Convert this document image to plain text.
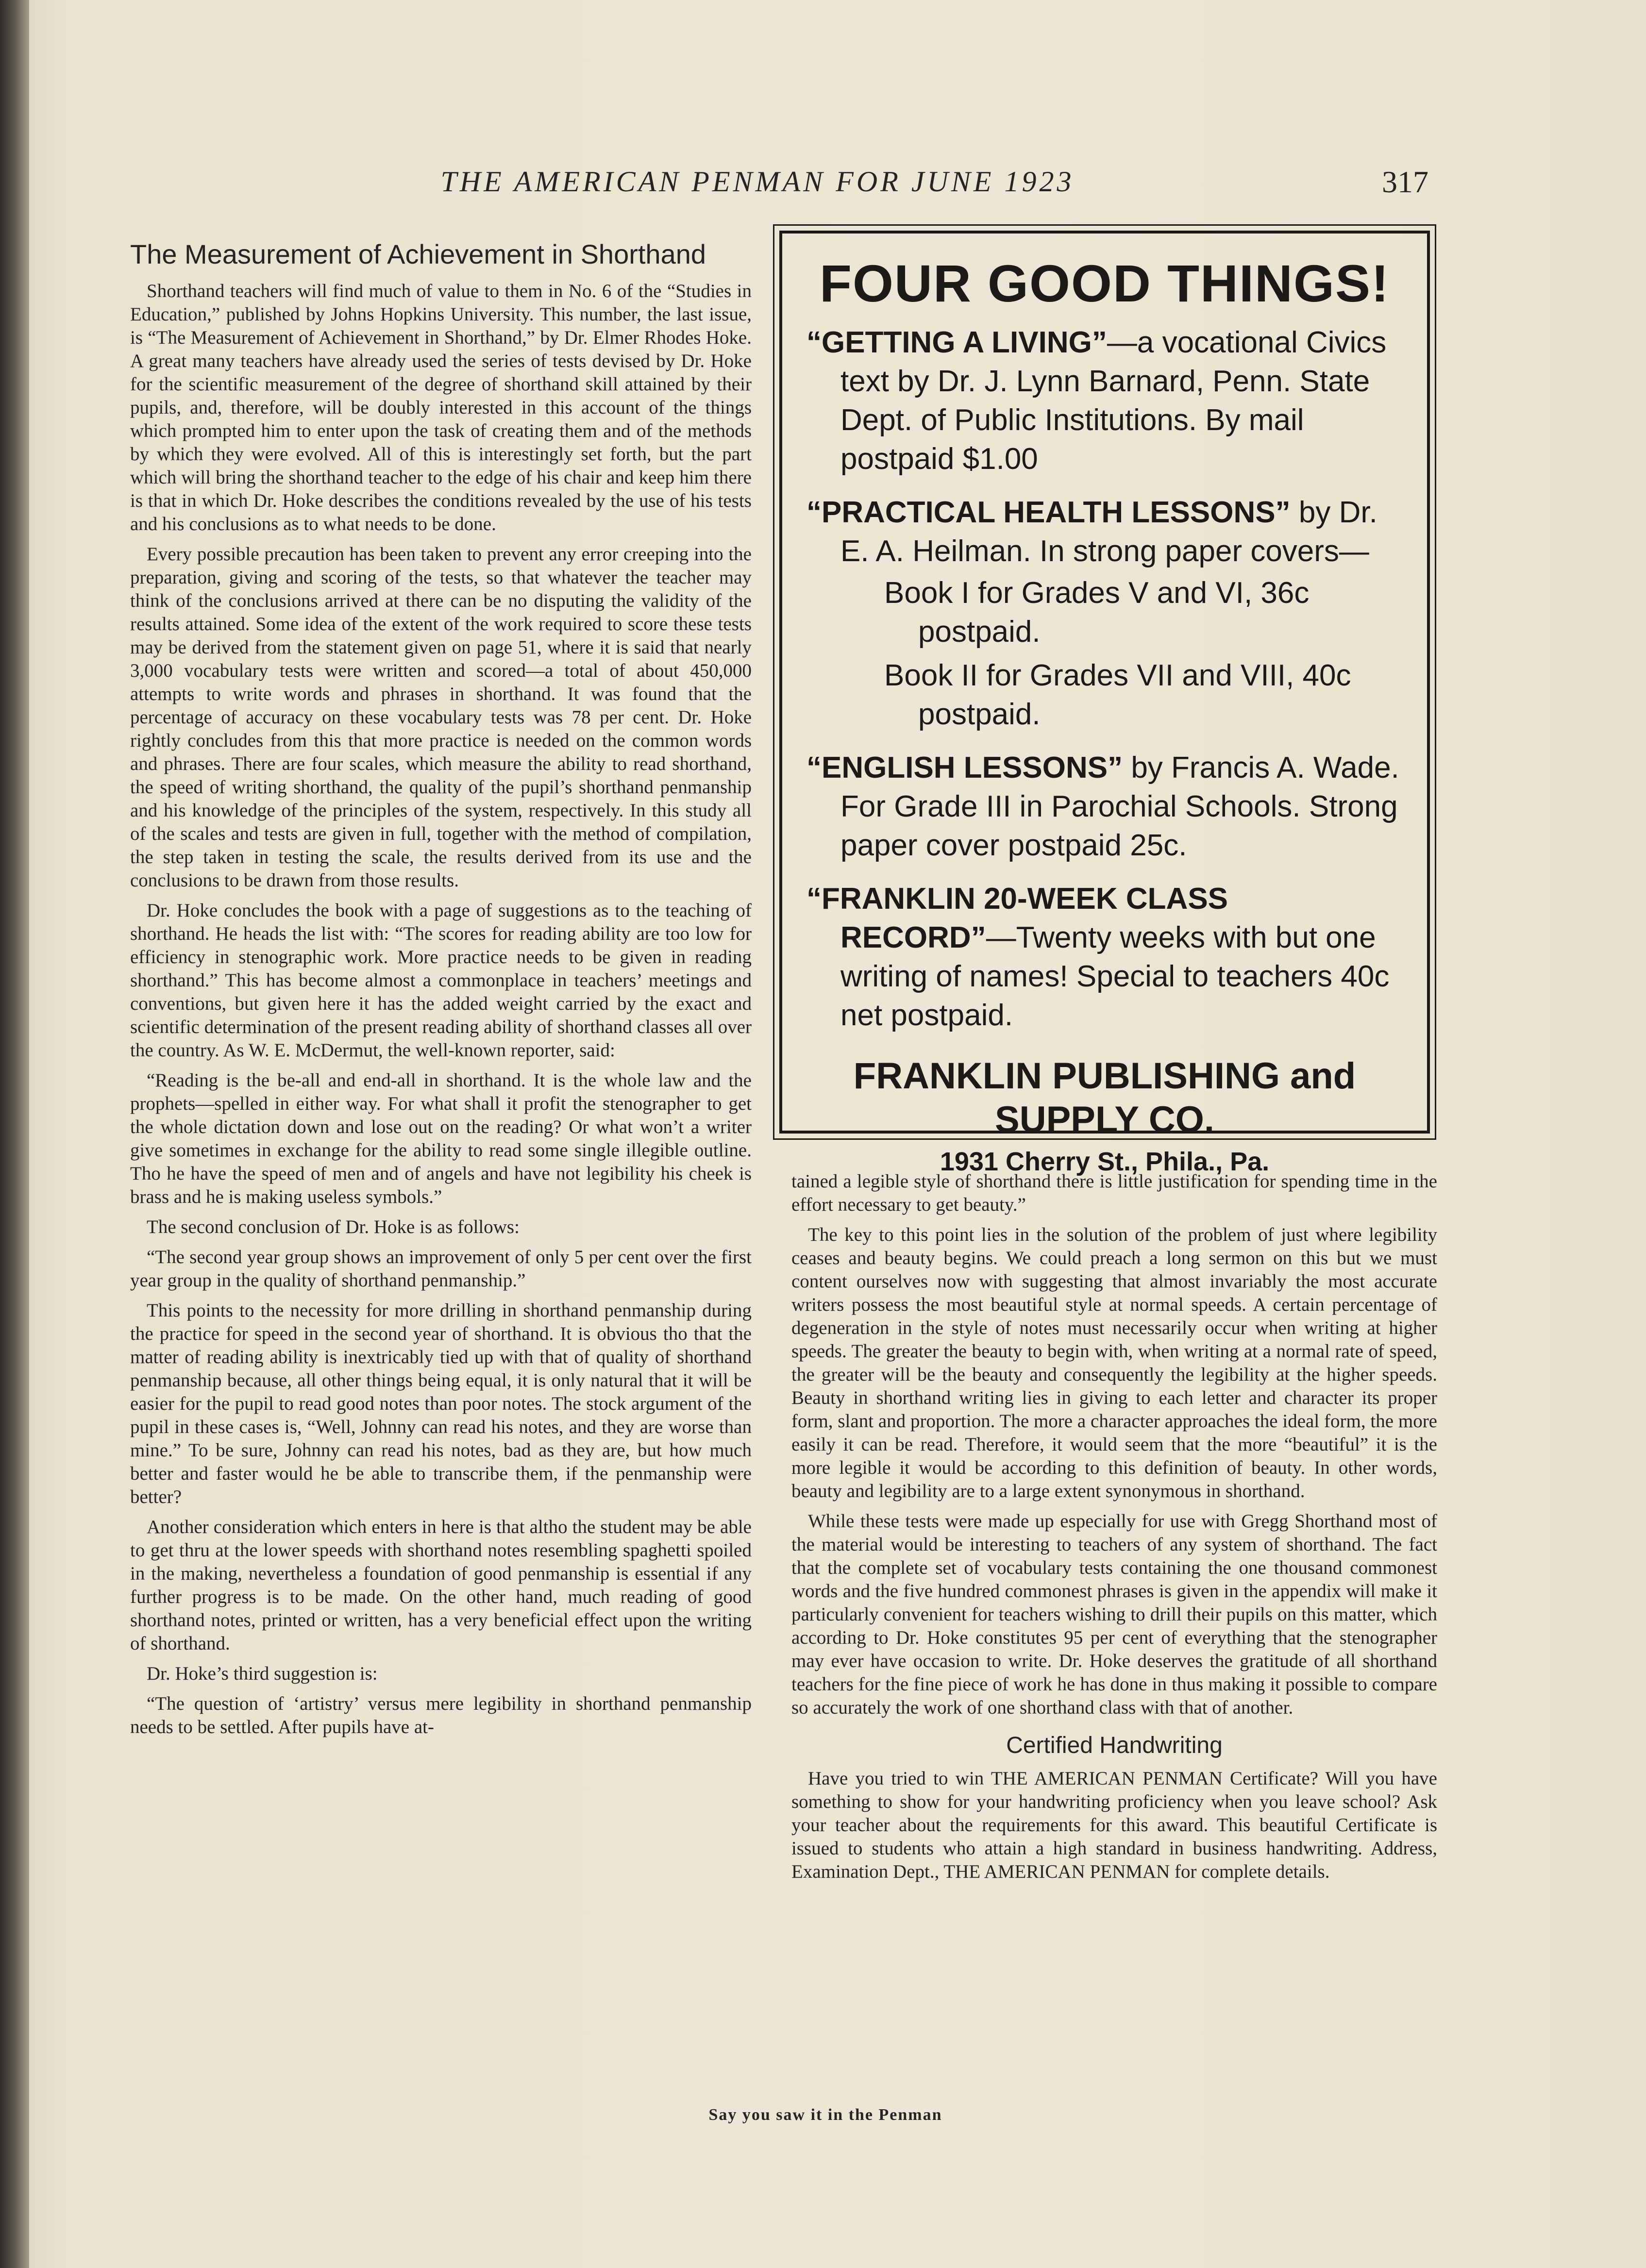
THE AMERICAN PENMAN FOR JUNE 1923	317
The Measurement of Achievement in Shorthand

Shorthand teachers will find much of value to them in No. 6 of the “Studies in Education,” published by Johns Hopkins University. This number, the last issue, is “The Measurement of Achievement in Shorthand,” by Dr. Elmer Rhodes Hoke. A great many teachers have already used the series of tests devised by Dr. Hoke for the scientific measurement of the degree of shorthand skill attained by their pupils, and, therefore, will be doubly interested in this account of the things which prompted him to enter upon the task of creating them and of the methods by which they were evolved. All of this is interestingly set forth, but the part which will bring the shorthand teacher to the edge of his chair and keep him there is that in which Dr. Hoke describes the conditions revealed by the use of his tests and his conclusions as to what needs to be done.

Every possible precaution has been taken to prevent any error creeping into the preparation, giving and scoring of the tests, so that whatever the teacher may think of the conclusions arrived at there can be no disputing the validity of the results attained. Some idea of the extent of the work required to score these tests may be derived from the statement given on page 51, where it is said that nearly 3,000 vocabulary tests were written and scored—a total of about 450,000 attempts to write words and phrases in shorthand. It was found that the percentage of accuracy on these vocabulary tests was 78 per cent. Dr. Hoke rightly concludes from this that more practice is needed on the common words and phrases. There are four scales, which measure the ability to read shorthand, the speed of writing shorthand, the quality of the pupil’s shorthand penmanship and his knowledge of the principles of the system, respectively. In this study all of the scales and tests are given in full, together with the method of compilation, the step taken in testing the scale, the results derived from its use and the conclusions to be drawn from those results.

Dr. Hoke concludes the book with a page of suggestions as to the teaching of shorthand. He heads the list with: “The scores for reading ability are too low for efficiency in stenographic work. More practice needs to be given in reading shorthand.” This has become almost a commonplace in teachers’ meetings and conventions, but given here it has the added weight carried by the exact and scientific determination of the present reading ability of shorthand classes all over the country. As W. E. McDermut, the well-known reporter, said:

“Reading is the be-all and end-all in shorthand. It is the whole law and the prophets—spelled in either way. For what shall it profit the stenographer to get the whole dictation down and lose out on the reading? Or what won’t a writer give sometimes in exchange for the ability to read some single illegible outline. Tho he have the speed of men and of angels and have not legibility his cheek is brass and he is making useless symbols.”

The second conclusion of Dr. Hoke is as follows:

“The second year group shows an improvement of only 5 per cent over the first year group in the quality of shorthand penmanship.”

This points to the necessity for more drilling in shorthand penmanship during the practice for speed in the second year of shorthand. It is obvious tho that the matter of reading ability is inextricably tied up with that of quality of shorthand penmanship because, all other things being equal, it is only natural that it will be easier for the pupil to read good notes than poor notes. The stock argument of the pupil in these cases is, “Well, Johnny can read his notes, and they are worse than mine.” To be sure, Johnny can read his notes, bad as they are, but how much better and faster would he be able to transcribe them, if the penmanship were better?

Another consideration which enters in here is that altho the student may be able to get thru at the lower speeds with shorthand notes resembling spaghetti spoiled in the making, nevertheless a foundation of good penmanship is essential if any further progress is to be made. On the other hand, much reading of good shorthand notes, printed or written, has a very beneficial effect upon the writing of shorthand.

Dr. Hoke’s third suggestion is:

“The question of ‘artistry’ versus mere legibility in shorthand penmanship needs to be settled. After pupils have at-

FOUR GOOD THINGS!
“GETTING A LIVING”—a vocational Civics text by Dr. J. Lynn Barnard, Penn. State Dept. of Public Institutions. By mail postpaid $1.00
“PRACTICAL HEALTH LESSONS” by Dr. E. A. Heilman. In strong paper covers—
Book I for Grades V and VI, 36c postpaid.
Book II for Grades VII and VIII, 40c postpaid.
“ENGLISH LESSONS” by Francis A. Wade. For Grade III in Parochial Schools. Strong paper cover postpaid 25c.
“FRANKLIN 20-WEEK CLASS RECORD”—Twenty weeks with but one writing of names! Special to teachers 40c net postpaid.
FRANKLIN PUBLISHING and SUPPLY CO.
1931 Cherry St., Phila., Pa.

tained a legible style of shorthand there is little justification for spending time in the effort necessary to get beauty.”

The key to this point lies in the solution of the problem of just where legibility ceases and beauty begins. We could preach a long sermon on this but we must content ourselves now with suggesting that almost invariably the most accurate writers possess the most beautiful style at normal speeds. A certain percentage of degeneration in the style of notes must necessarily occur when writing at higher speeds. The greater the beauty to begin with, when writing at a normal rate of speed, the greater will be the beauty and consequently the legibility at the higher speeds. Beauty in shorthand writing lies in giving to each letter and character its proper form, slant and proportion. The more a character approaches the ideal form, the more easily it can be read. Therefore, it would seem that the more “beautiful” it is the more legible it would be according to this definition of beauty. In other words, beauty and legibility are to a large extent synonymous in shorthand.

While these tests were made up especially for use with Gregg Shorthand most of the material would be interesting to teachers of any system of shorthand. The fact that the complete set of vocabulary tests containing the one thousand commonest words and the five hundred commonest phrases is given in the appendix will make it particularly convenient for teachers wishing to drill their pupils on this matter, which according to Dr. Hoke constitutes 95 per cent of everything that the stenographer may ever have occasion to write. Dr. Hoke deserves the gratitude of all shorthand teachers for the fine piece of work he has done in thus making it possible to compare so accurately the work of one shorthand class with that of another.

Certified Handwriting

Have you tried to win THE AMERICAN PENMAN Certificate? Will you have something to show for your handwriting proficiency when you leave school? Ask your teacher about the requirements for this award. This beautiful Certificate is issued to students who attain a high standard in business handwriting. Address, Examination Dept., THE AMERICAN PENMAN for complete details.

Say you saw it in the Penman
